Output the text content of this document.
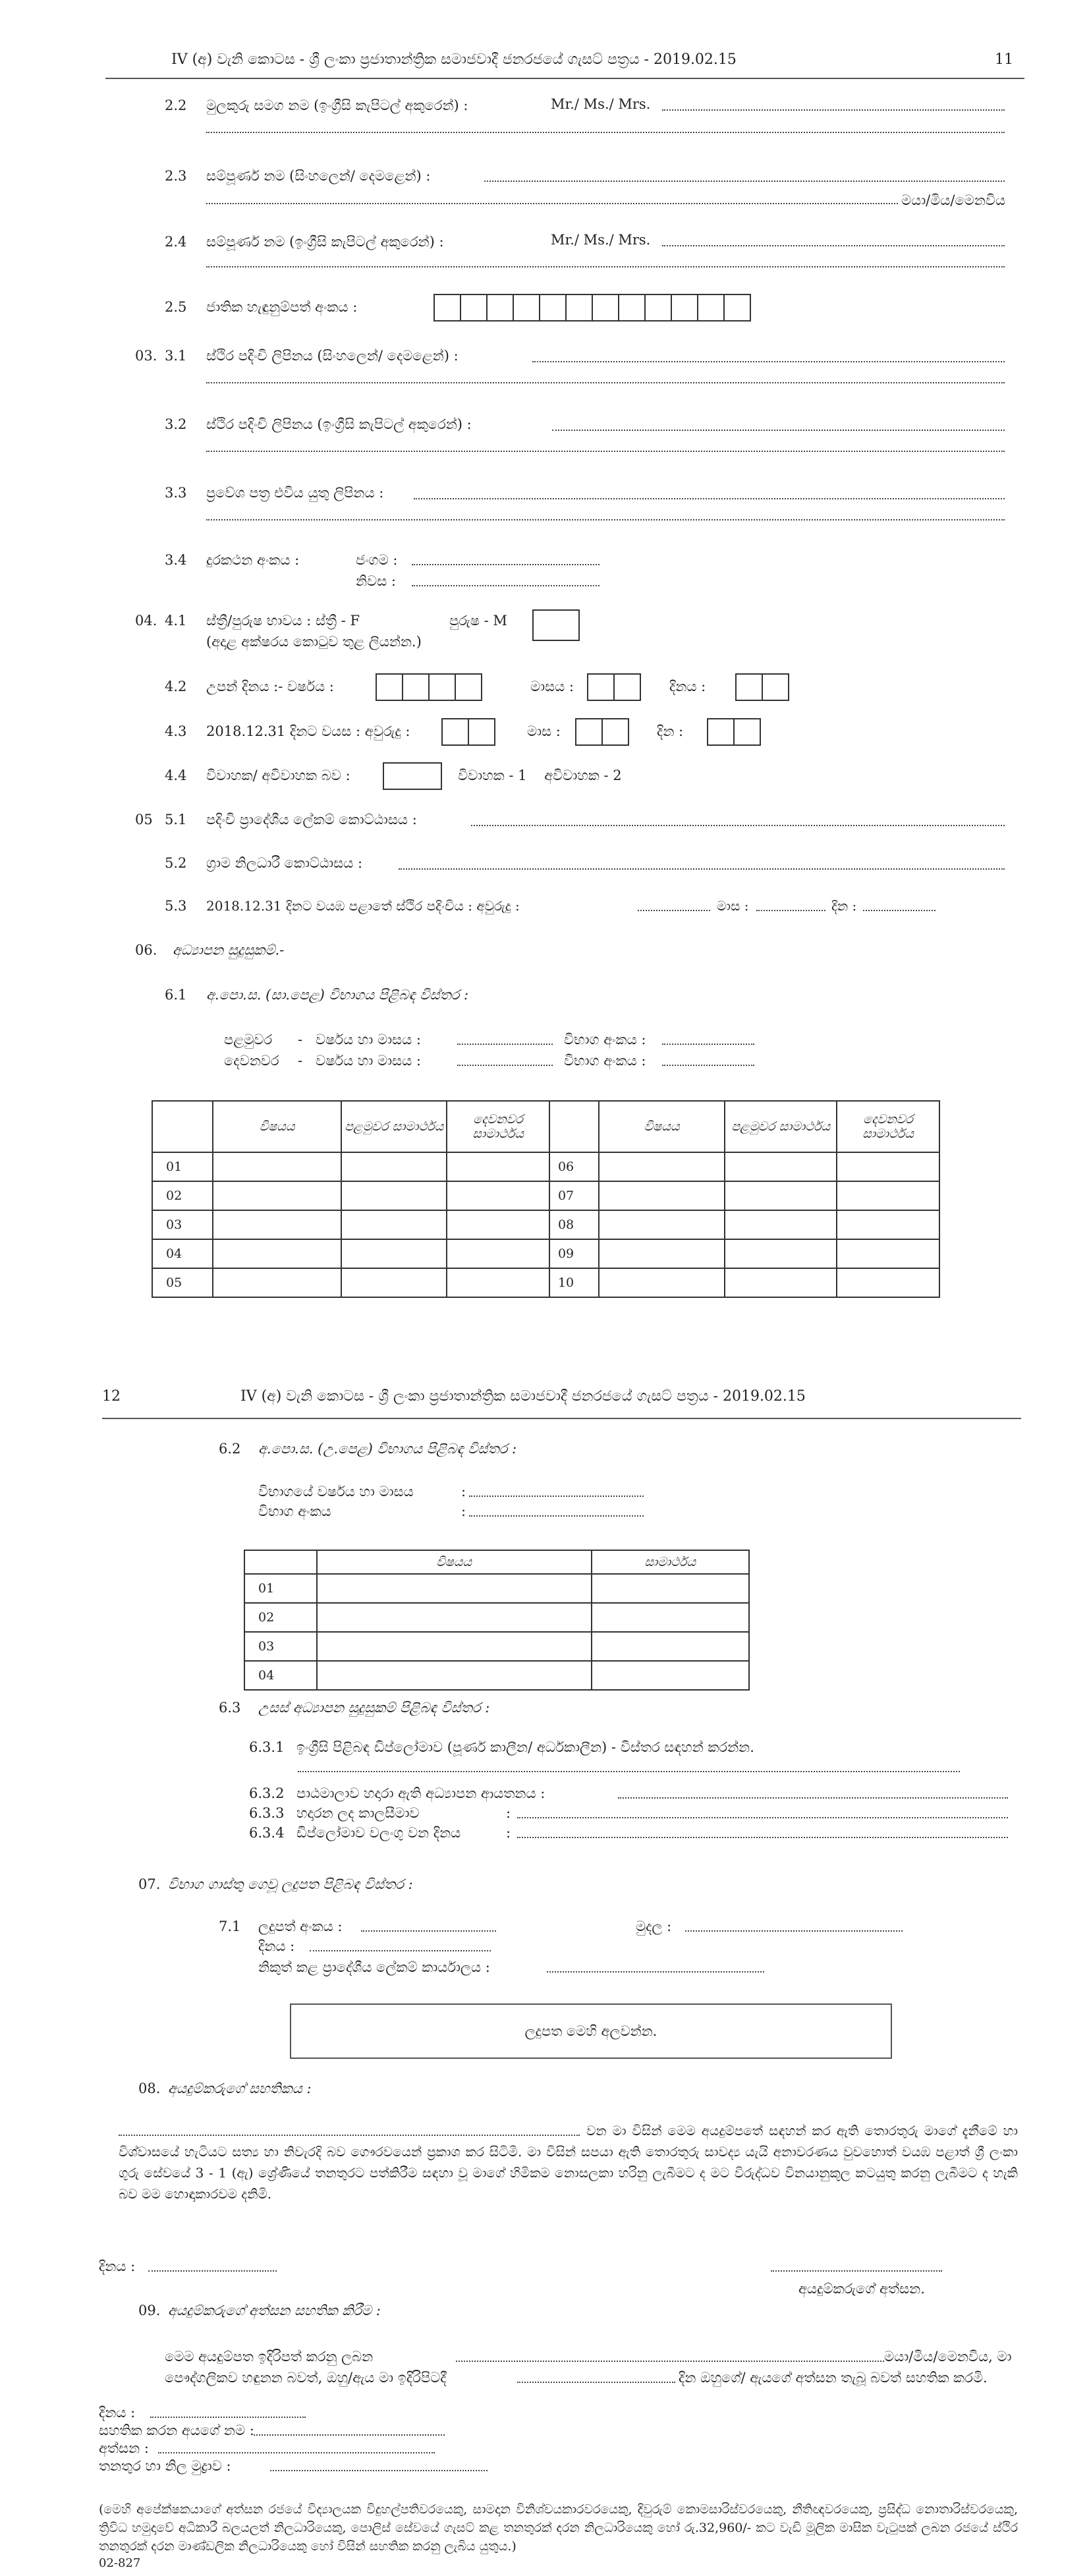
IV (අ) වැනි කොටස - ශ්‍රී ලංකා ප්‍රජාතාන්ත්‍රික සමාජවාදී ජනරජයේ ගැසට් පත්‍රය - 2019.02.15	11
2.2 මුලකුරු සමග නම (ඉංග්‍රීසි කැපිටල් අකුරෙන්) :	Mr./ Ms./ Mrs.
2.3 සම්පූර්ණ නම (සිංහලෙන්/ දෙමළෙන්) :
මයා/මිය/මෙනවිය
2.4 සම්පූර්ණ නම (ඉංග්‍රීසි කැපිටල් අකුරෙන්) :	Mr./ Ms./ Mrs.
2.5 ජාතික හැඳුනුම්පත් අංකය :
03. 3.1 ස්ථිර පදිංචි ලිපිනය (සිංහලෙන්/ දෙමළෙන්) :
3.2 ස්ථිර පදිංචි ලිපිනය (ඉංග්‍රීසි කැපිටල් අකුරෙන්) :
3.3 ප්‍රවේශ පත්‍ර එවිය යුතු ලිපිනය :
3.4 දුරකථන අංකය :	ජංගම :
නිවස :
04. 4.1 ස්ත්‍රී/පුරුෂ භාවය : ස්ත්‍රී - F	පුරුෂ - M
(අදාළ අක්ෂරය කොටුව තුළ ලියන්න.)
4.2 උපන් දිනය :- වර්ෂය :	මාසය :	දිනය :
4.3 2018.12.31 දිනට වයස : අවුරුදු :	මාස :	දින :
4.4 විවාහක/ අවිවාහක බව :	විවාහක - 1    අවිවාහක - 2
05 5.1 පදිංචි ප්‍රාදේශීය ලේකම් කොට්ඨාසය :
5.2 ග්‍රාම නිලධාරී කොට්ඨාසය :
5.3 2018.12.31 දිනට වයඹ පළාතේ ස්ථිර පදිංචිය : අවුරුදු :	මාස :	දින :
06. අධ්‍යාපන සුදුසුකම්.-
6.1 අ.පො.ස. (සා.පෙළ) විභාගය පිළිබඳ විස්තර :
පළමුවර -   වර්ෂය හා මාසය :	විභාග අංකය :
දෙවනවර -   වර්ෂය හා මාසය :	විභාග අංකය :
	විෂයය	පළමුවර සාමාර්ථය	දෙවනවර සාමාර්ථය		විෂයය	පළමුවර සාමාර්ථය	දෙවනවර සාමාර්ථය
01				06			
02				07			
03				08			
04				09			
05				10			
12	IV (අ) වැනි කොටස - ශ්‍රී ලංකා ප්‍රජාතාන්ත්‍රික සමාජවාදී ජනරජයේ ගැසට් පත්‍රය - 2019.02.15
6.2 අ.පො.ස. (උ.පෙළ) විභාගය පිළිබඳ විස්තර :
විභාගයේ වර්ෂය හා මාසය	:
විභාග අංකය	:
	විෂයය	සාමාර්ථය
01		
02		
03		
04		
6.3 උසස් අධ්‍යාපන සුදුසුකම් පිළිබඳ විස්තර :
6.3.1 ඉංග්‍රීසි පිළිබඳ ඩිප්ලෝමාව (පූර්ණ කාලීන/ අර්ධකාලීන) - විස්තර සඳහන් කරන්න.
6.3.2 පාඨමාලාව හදාරා ඇති අධ්‍යාපන ආයතනය :
6.3.3 හදාරන ලද කාලසීමාව	:
6.3.4 ඩිප්ලෝමාව වලංගු වන දිනය	:
07. විභාග ගාස්තු ගෙවූ ලදුපත පිළිබඳ විස්තර :
7.1 ලදුපත් අංකය :	මුදල :
දිනය :
නිකුත් කළ ප්‍රාදේශීය ලේකම් කාර්යාලය :
ලදුපත මෙහි අලවන්න.
08. අයදුම්කරුගේ සහතිකය :
වන මා විසින් මෙම අයදුම්පතේ සඳහන් කර ඇති තොරතුරු මාගේ දැනීමේ හා විශ්වාසයේ හැටියට සත්‍ය හා නිවැරදි බව ගෞරවයෙන් ප්‍රකාශ කර සිටිමි. මා විසින් සපයා ඇති තොරතුරු සාවද්‍ය යැයි අනාවරණය වුවහොත් වයඹ පළාත් ශ්‍රී ලංකා ගුරු සේවයේ 3 - 1 (ඇ) ශ්‍රේණියේ තනතුරට පත්කිරීම සඳහා වූ මාගේ හිමිකම නොසලකා හරිනු ලැබීමට ද මට විරුද්ධව විනයානුකූල කටයුතු කරනු ලැබීමට ද හැකි බව මම හොඳාකාරවම දනිමි.
දිනය :
අයදුම්කරුගේ අත්සන.
09. අයදුම්කරුගේ අත්සන සහතික කිරීම :
මෙම අයදුම්පත ඉදිරිපත් කරනු ලබන	මයා/මිය/මෙනවිය, මා
පෞද්ගලිකව හඳුනන බවත්, ඔහු/ඇය මා ඉදිරිපිටදී	දින ඔහුගේ/ ඇයගේ අත්සන තැබූ බවත් සහතික කරමි.
දිනය :
සහතික කරන අයගේ නම :
අත්සන :
තනතුර හා නිල මුද්‍රාව :
(මෙහි අපේක්ෂකයාගේ අත්සන රජයේ විද්‍යාලයක විදුහල්පතිවරයෙකු, සාමදාන විනිශ්චයකාරවරයෙකු, දිවුරුම් කොමසාරිස්වරයෙකු, නීතිඥවරයෙකු, ප්‍රසිද්ධ නොතාරිස්වරයෙකු, ත්‍රිවිධ හමුදාවේ අධිකාරී බලයලත් නිලධාරියෙකු, පොලිස් සේවයේ ගැසට් කළ තනතුරක් දරන නිලධාරියෙකු හෝ රු.32,960/- කට වැඩි මූලික මාසික වැටුපක් ලබන රජයේ ස්ථිර තනතුරක් දරන මාණ්ඩලික නිලධාරියෙකු හෝ විසින් සහතික කරනු ලැබිය යුතුය.)
02-827
